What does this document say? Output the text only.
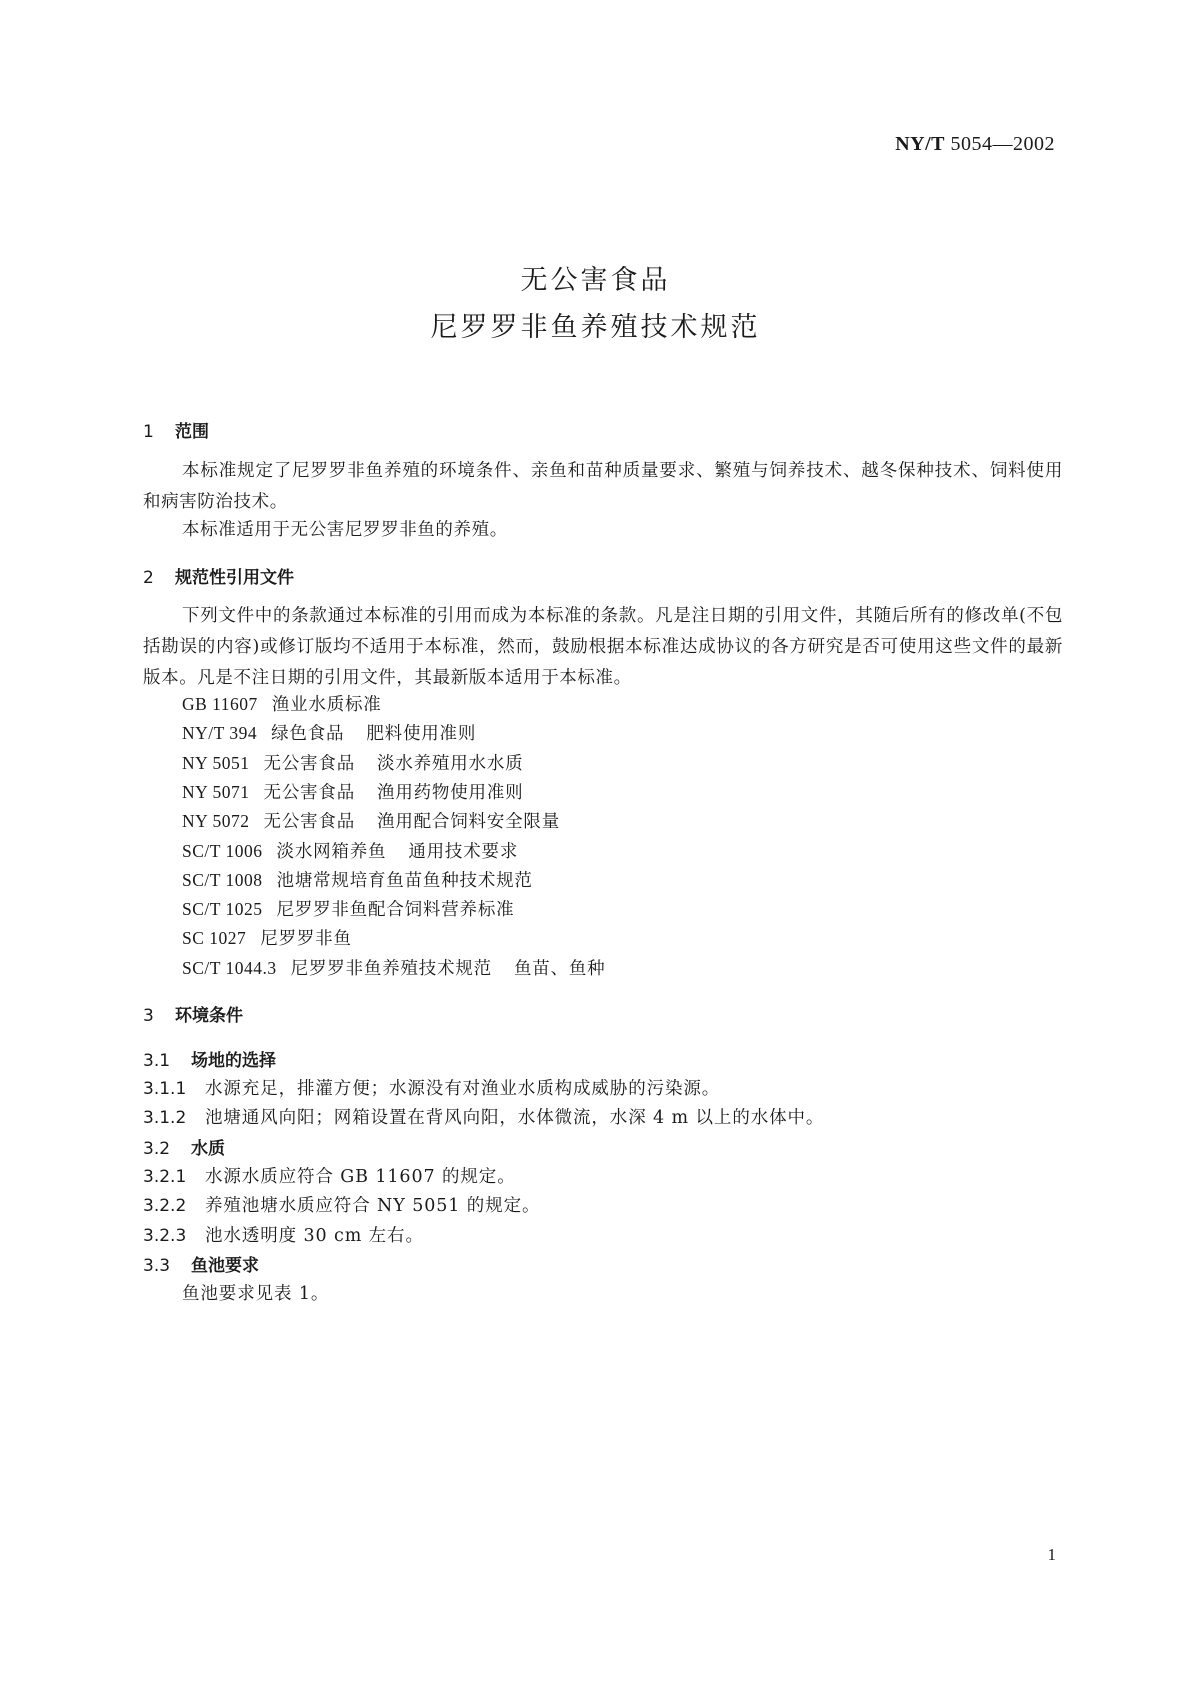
NY/T 5054—2002
无公害食品
尼罗罗非鱼养殖技术规范
1 范围
本标准规定了尼罗罗非鱼养殖的环境条件、亲鱼和苗种质量要求、繁殖与饲养技术、越冬保种技术、饲料使用和病害防治技术。
本标准适用于无公害尼罗罗非鱼的养殖。
2 规范性引用文件
下列文件中的条款通过本标准的引用而成为本标准的条款。凡是注日期的引用文件，其随后所有的修改单(不包括勘误的内容)或修订版均不适用于本标准，然而，鼓励根据本标准达成协议的各方研究是否可使用这些文件的最新版本。凡是不注日期的引用文件，其最新版本适用于本标准。
GB 11607 渔业水质标准
NY/T 394 绿色食品 肥料使用准则
NY 5051 无公害食品 淡水养殖用水水质
NY 5071 无公害食品 渔用药物使用准则
NY 5072 无公害食品 渔用配合饲料安全限量
SC/T 1006 淡水网箱养鱼 通用技术要求
SC/T 1008 池塘常规培育鱼苗鱼种技术规范
SC/T 1025 尼罗罗非鱼配合饲料营养标准
SC 1027 尼罗罗非鱼
SC/T 1044.3 尼罗罗非鱼养殖技术规范 鱼苗、鱼种
3 环境条件
3.1 场地的选择
3.1.1 水源充足，排灌方便；水源没有对渔业水质构成威胁的污染源。
3.1.2 池塘通风向阳；网箱设置在背风向阳，水体微流，水深 4 m 以上的水体中。
3.2 水质
3.2.1 水源水质应符合 GB 11607 的规定。
3.2.2 养殖池塘水质应符合 NY 5051 的规定。
3.2.3 池水透明度 30 cm 左右。
3.3 鱼池要求
鱼池要求见表 1。
1
